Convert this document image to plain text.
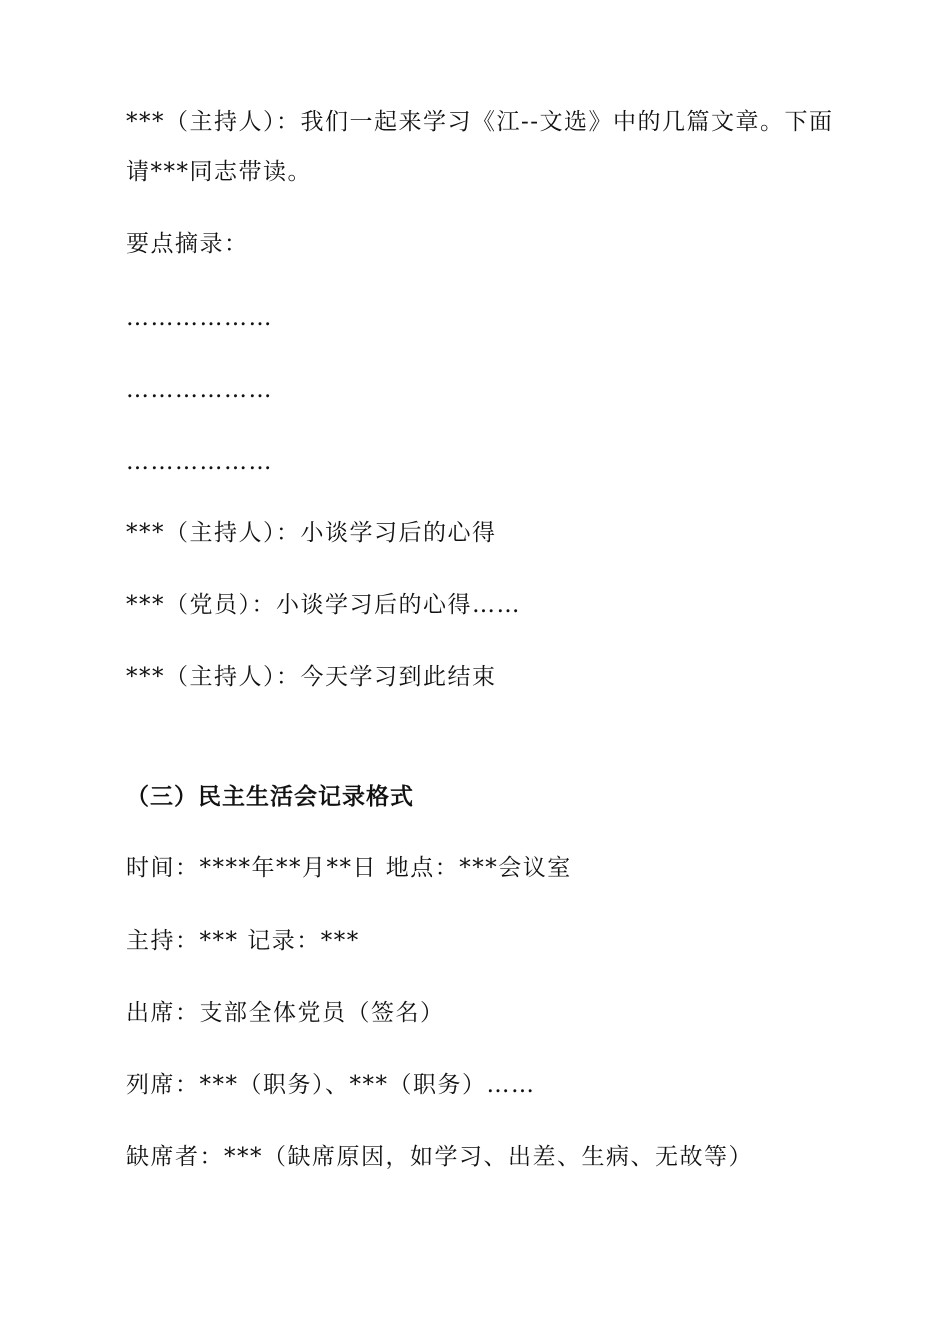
***（主持人）：我们一起来学习《江--文选》中的几篇文章。下面
请***同志带读。
要点摘录：
………………
………………
………………
***（主持人）：小谈学习后的心得
***（党员）：小谈学习后的心得……
***（主持人）：今天学习到此结束
（三）民主生活会记录格式
时间：****年**月**日 地点：***会议室
主持：*** 记录：***
出席：支部全体党员（签名）
列席：***（职务）、***（职务）……
缺席者：***（缺席原因，如学习、出差、生病、无故等）
